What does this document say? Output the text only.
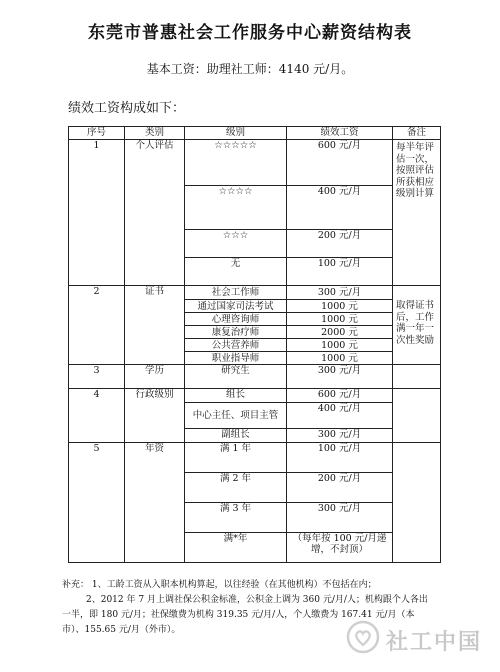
东莞市普惠社会工作服务中心薪资结构表
基本工资：助理社工师：4140 元/月。
绩效工资构成如下：
序号	类别	级别	绩效工资	备注
1	个人评估	☆☆☆☆☆	600 元/月	每半年评估一次，按照评估所获相应级别计算
		☆☆☆☆	400 元/月	
		☆☆☆	200 元/月	
		无	100 元/月	
2	证书	社会工作师	300 元/月	取得证书后，工作满一年一次性奖励
		通过国家司法考试	1000 元	
		心理咨询师	1000 元	
		康复治疗师	2000 元	
		公共营养师	1000 元	
		职业指导师	1000 元	
3	学历	研究生	300 元/月	
4	行政级别	组长	600 元/月	
		中心主任、项目主管	400 元/月	
		副组长	300 元/月	
5	年资	满 1 年	100 元/月	
		满 2 年	200 元/月	
		满 3 年	300 元/月	
		满*年	（每年按 100 元/月递增，不封顶）	
补充： 1、工龄工资从入职本机构算起，以往经验（在其他机构）不包括在内；
2、2012 年 7 月上调社保公积金标准，公积金上调为 360 元/月/人；机构跟个人各出
一半，即 180 元/月；社保缴费为机构 319.35 元/月/人，个人缴费为 167.41 元/月（本
市）、155.65 元/月（外市）。	社工中国
